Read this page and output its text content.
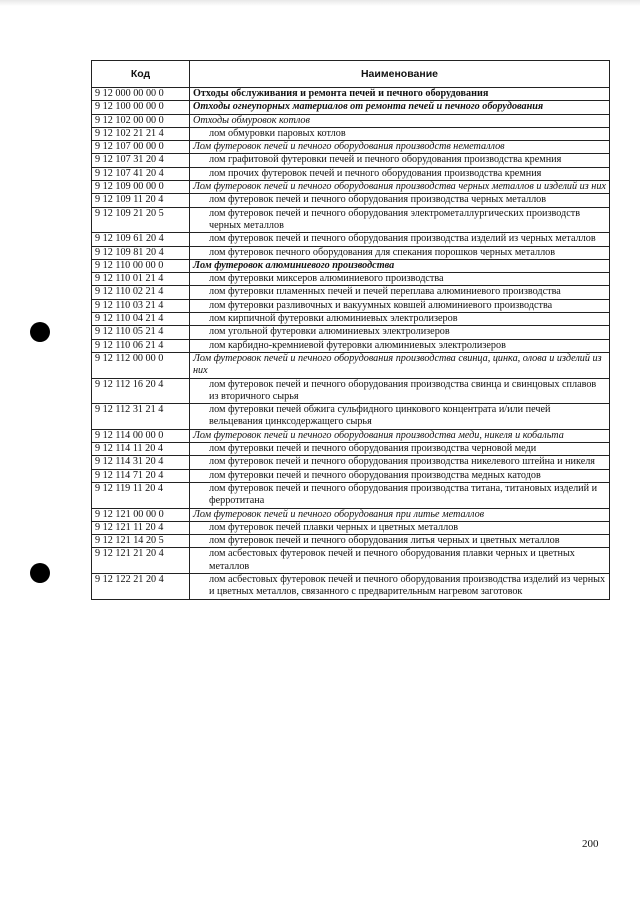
Код	Наименование
9 12 000 00 00 0	Отходы обслуживания и ремонта печей и печного оборудования
9 12 100 00 00 0	Отходы огнеупорных материалов от ремонта печей и печного оборудования
9 12 102 00 00 0	Отходы обмуровок котлов
9 12 102 21 21 4	лом обмуровки паровых котлов

9 12 107 00 00 0	Лом футеровок печей и печного оборудования производств неметаллов
9 12 107 31 20 4	лом графитовой футеровки печей и печного оборудования производства кремния

9 12 107 41 20 4	лом прочих футеровок печей и печного оборудования производства кремния

9 12 109 00 00 0	Лом футеровок печей и печного оборудования производства черных металлов и изделий из них
9 12 109 11 20 4	лом футеровок печей и печного оборудования производства черных металлов

9 12 109 21 20 5	лом футеровок печей и печного оборудования электрометаллургических производств черных металлов

9 12 109 61 20 4	лом футеровок печей и печного оборудования производства изделий из черных металлов

9 12 109 81 20 4	лом футеровок печного оборудования для спекания порошков черных металлов

9 12 110 00 00 0	Лом футеровок алюминиевого производства
9 12 110 01 21 4	лом футеровки миксеров алюминиевого производства

9 12 110 02 21 4	лом футеровки пламенных печей и печей переплава алюминиевого производства

9 12 110 03 21 4	лом футеровки разливочных и вакуумных ковшей алюминиевого производства

9 12 110 04 21 4	лом кирпичной футеровки алюминиевых электролизеров

9 12 110 05 21 4	лом угольной футеровки алюминиевых электролизеров

9 12 110 06 21 4	лом карбидно-кремниевой футеровки алюминиевых электролизеров

9 12 112 00 00 0	Лом футеровок печей и печного оборудования производства свинца, цинка, олова и изделий из них
9 12 112 16 20 4	лом футеровок печей и печного оборудования производства свинца и свинцовых сплавов из вторичного сырья

9 12 112 31 21 4	лом футеровки печей обжига сульфидного цинкового концентрата и/или печей вельцевания цинксодержащего сырья

9 12 114 00 00 0	Лом футеровок печей и печного оборудования производства меди, никеля и кобальта
9 12 114 11 20 4	лом футеровки печей и печного оборудования производства черновой меди

9 12 114 31 20 4	лом футеровок печей и печного оборудования производства никелевого штейна и никеля

9 12 114 71 20 4	лом футеровки печей и печного оборудования производства медных катодов

9 12 119 11 20 4	лом футеровок печей и печного оборудования производства титана, титановых изделий и ферротитана

9 12 121 00 00 0	Лом футеровок печей и печного оборудования при литье металлов
9 12 121 11 20 4	лом футеровок печей плавки черных и цветных металлов

9 12 121 14 20 5	лом футеровок печей и печного оборудования литья черных и цветных металлов

9 12 121 21 20 4	лом асбестовых футеровок печей и печного оборудования плавки черных и цветных металлов

9 12 122 21 20 4	лом асбестовых футеровок печей и печного оборудования производства изделий из черных и цветных металлов, связанного с предварительным нагревом заготовок
200
